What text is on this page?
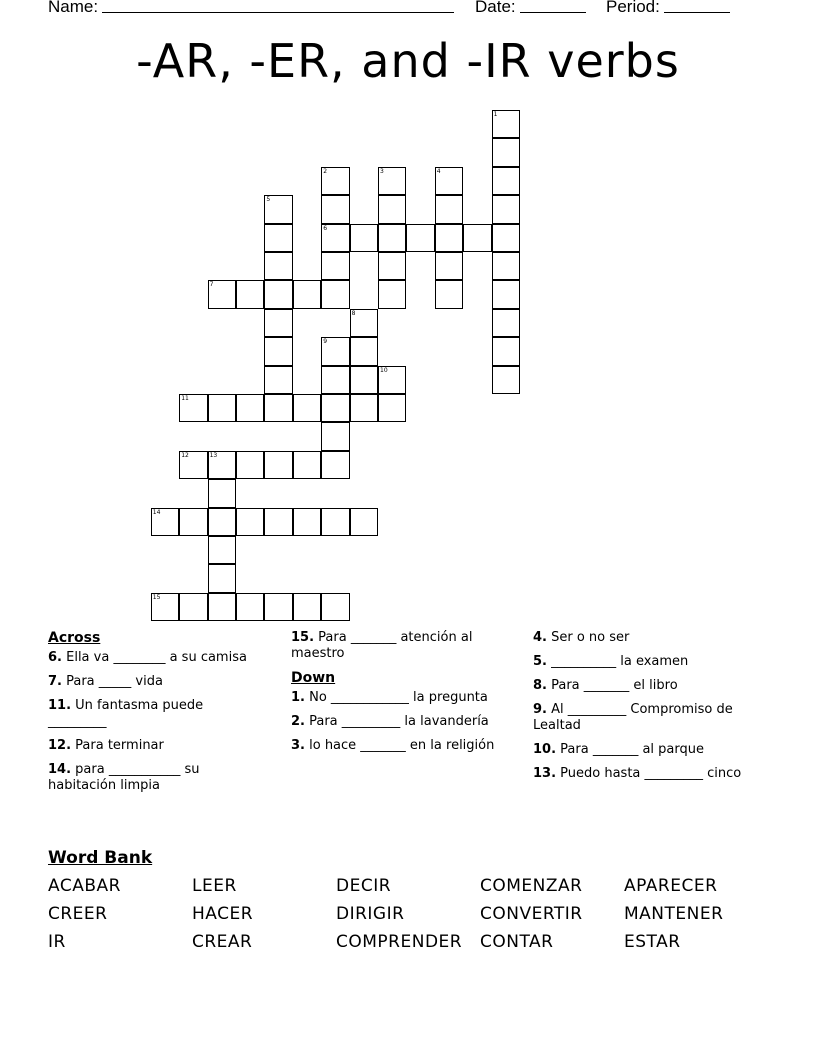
Name:	Date:	Period:
-AR, -ER, and -IR verbs
1
2
6
3	4
5
7
8
9
10
11
12	13
14
15
Across
6. Ella va ________ a su camisa
7. Para _____ vida
11. Un fantasma puede _________
12. Para terminar
14. para ___________ su habitación limpia
15. Para _______ atención al maestro
Down
1. No ____________ la pregunta
2. Para _________ la lavandería
3. lo hace _______ en la religión
4. Ser o no ser
5. __________ la examen
8. Para _______ el libro
9. Al _________ Compromiso de Lealtad
10. Para _______ al parque
13. Puedo hasta _________ cinco
Word Bank
ACABAR	LEER	DECIR	COMENZAR	APARECER
CREER	HACER	DIRIGIR	CONVERTIR	MANTENER
IR	CREAR	COMPRENDER	CONTAR	ESTAR
